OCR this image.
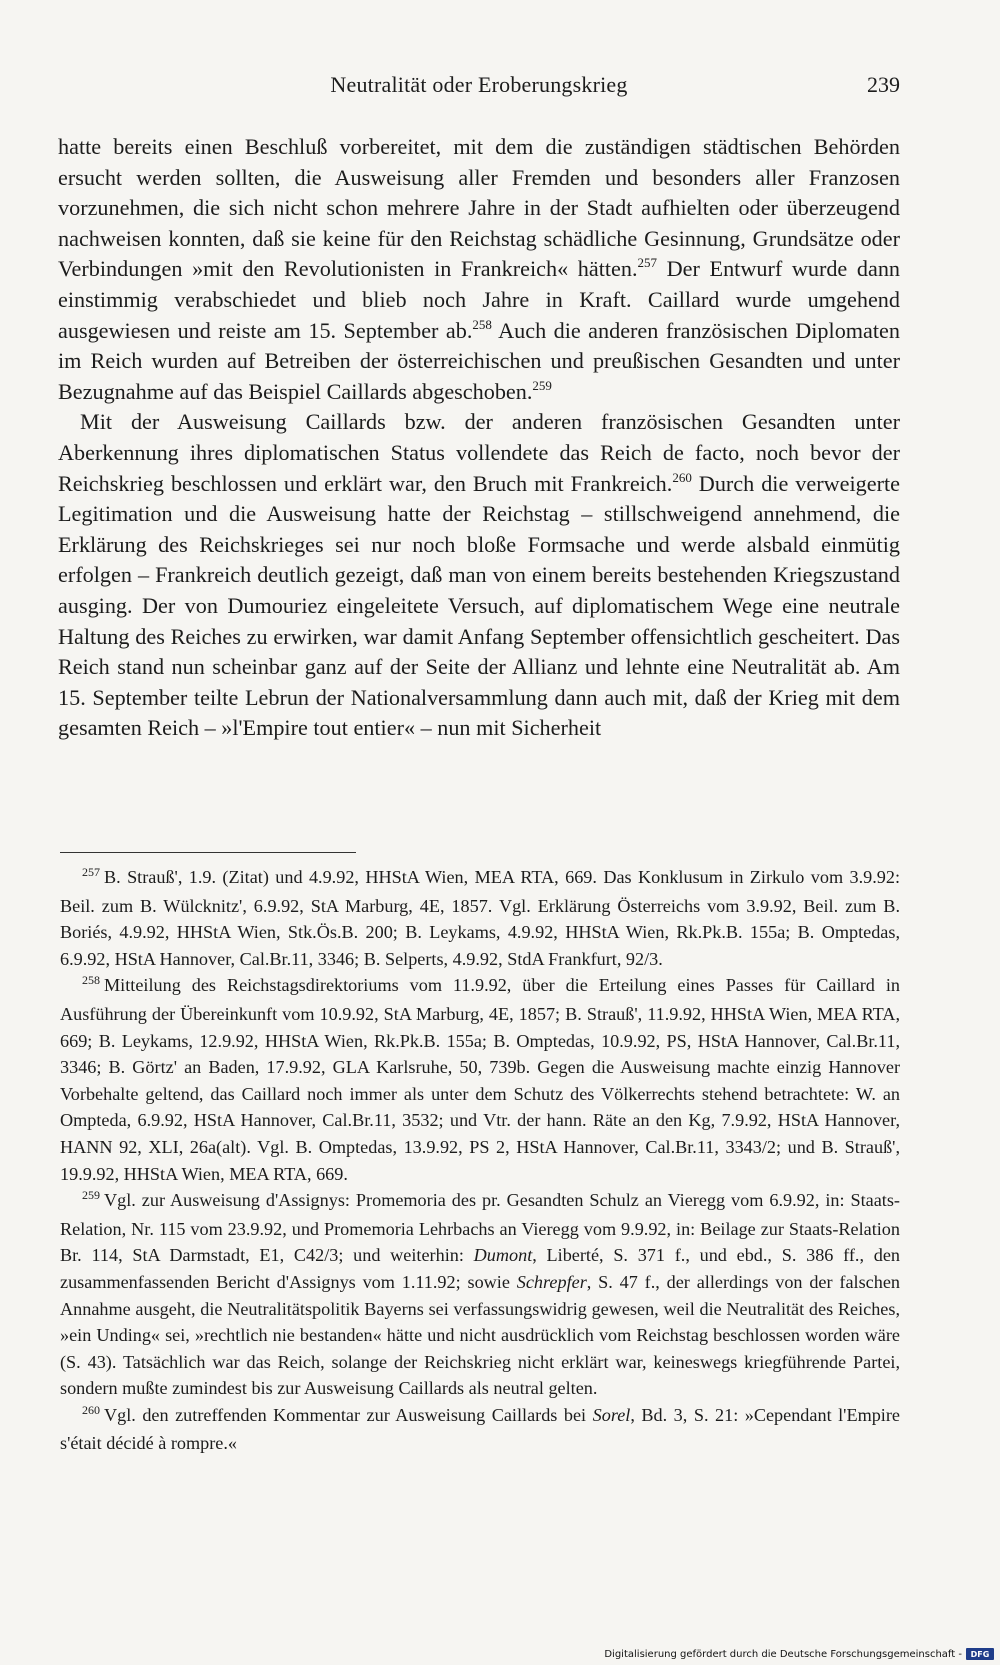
Neutralität oder Eroberungskrieg	239

hatte bereits einen Beschluß vorbereitet, mit dem die zuständigen städtischen Behörden ersucht werden sollten, die Ausweisung aller Fremden und besonders aller Franzosen vorzunehmen, die sich nicht schon mehrere Jahre in der Stadt aufhielten oder überzeugend nachweisen konnten, daß sie keine für den Reichstag schädliche Gesinnung, Grundsätze oder Verbindungen »mit den Revolutionisten in Frankreich« hätten.$^{257}$ Der Entwurf wurde dann einstimmig verabschiedet und blieb noch Jahre in Kraft. Caillard wurde umgehend ausgewiesen und reiste am 15. September ab.$^{258}$ Auch die anderen französischen Diplomaten im Reich wurden auf Betreiben der österreichischen und preußischen Gesandten und unter Bezugnahme auf das Beispiel Caillards abgeschoben.$^{259}$

Mit der Ausweisung Caillards bzw. der anderen französischen Gesandten unter Aberkennung ihres diplomatischen Status vollendete das Reich de facto, noch bevor der Reichskrieg beschlossen und erklärt war, den Bruch mit Frankreich.$^{260}$ Durch die verweigerte Legitimation und die Ausweisung hatte der Reichstag – stillschweigend annehmend, die Erklärung des Reichskrieges sei nur noch bloße Formsache und werde alsbald einmütig erfolgen – Frankreich deutlich gezeigt, daß man von einem bereits bestehenden Kriegszustand ausging. Der von Dumouriez eingeleitete Versuch, auf diplomatischem Wege eine neutrale Haltung des Reiches zu erwirken, war damit Anfang September offensichtlich gescheitert. Das Reich stand nun scheinbar ganz auf der Seite der Allianz und lehnte eine Neutralität ab. Am 15. September teilte Lebrun der Nationalversammlung dann auch mit, daß der Krieg mit dem gesamten Reich – »l'Empire tout entier« – nun mit Sicherheit

$^{257}$ B. Strauß', 1.9. (Zitat) und 4.9.92, HHStA Wien, MEA RTA, 669. Das Konklusum in Zirkulo vom 3.9.92: Beil. zum B. Wülcknitz', 6.9.92, StA Marburg, 4E, 1857. Vgl. Erklärung Österreichs vom 3.9.92, Beil. zum B. Boriés, 4.9.92, HHStA Wien, Stk.Ös.B. 200; B. Leykams, 4.9.92, HHStA Wien, Rk.Pk.B. 155a; B. Omptedas, 6.9.92, HStA Hannover, Cal.Br.11, 3346; B. Selperts, 4.9.92, StdA Frankfurt, 92/3.

$^{258}$ Mitteilung des Reichstagsdirektoriums vom 11.9.92, über die Erteilung eines Passes für Caillard in Ausführung der Übereinkunft vom 10.9.92, StA Marburg, 4E, 1857; B. Strauß', 11.9.92, HHStA Wien, MEA RTA, 669; B. Leykams, 12.9.92, HHStA Wien, Rk.Pk.B. 155a; B. Omptedas, 10.9.92, PS, HStA Hannover, Cal.Br.11, 3346; B. Görtz' an Baden, 17.9.92, GLA Karlsruhe, 50, 739b. Gegen die Ausweisung machte einzig Hannover Vorbehalte geltend, das Caillard noch immer als unter dem Schutz des Völkerrechts stehend betrachtete: W. an Ompteda, 6.9.92, HStA Hannover, Cal.Br.11, 3532; und Vtr. der hann. Räte an den Kg, 7.9.92, HStA Hannover, HANN 92, XLI, 26a(alt). Vgl. B. Omptedas, 13.9.92, PS 2, HStA Hannover, Cal.Br.11, 3343/2; und B. Strauß', 19.9.92, HHStA Wien, MEA RTA, 669.

$^{259}$ Vgl. zur Ausweisung d'Assignys: Promemoria des pr. Gesandten Schulz an Vieregg vom 6.9.92, in: Staats-Relation, Nr. 115 vom 23.9.92, und Promemoria Lehrbachs an Vieregg vom 9.9.92, in: Beilage zur Staats-Relation Br. 114, StA Darmstadt, E1, C42/3; und weiterhin: Dumont, Liberté, S. 371 f., und ebd., S. 386 ff., den zusammenfassenden Bericht d'Assignys vom 1.11.92; sowie Schrepfer, S. 47 f., der allerdings von der falschen Annahme ausgeht, die Neutralitätspolitik Bayerns sei verfassungswidrig gewesen, weil die Neutralität des Reiches, »ein Unding« sei, »rechtlich nie bestanden« hätte und nicht ausdrücklich vom Reichstag beschlossen worden wäre (S. 43). Tatsächlich war das Reich, solange der Reichskrieg nicht erklärt war, keineswegs kriegführende Partei, sondern mußte zumindest bis zur Ausweisung Caillards als neutral gelten.

$^{260}$ Vgl. den zutreffenden Kommentar zur Ausweisung Caillards bei Sorel, Bd. 3, S. 21: »Cependant l'Empire s'était décidé à rompre.«

Digitalisierung gefördert durch die Deutsche Forschungsgemeinschaft -	DFG
